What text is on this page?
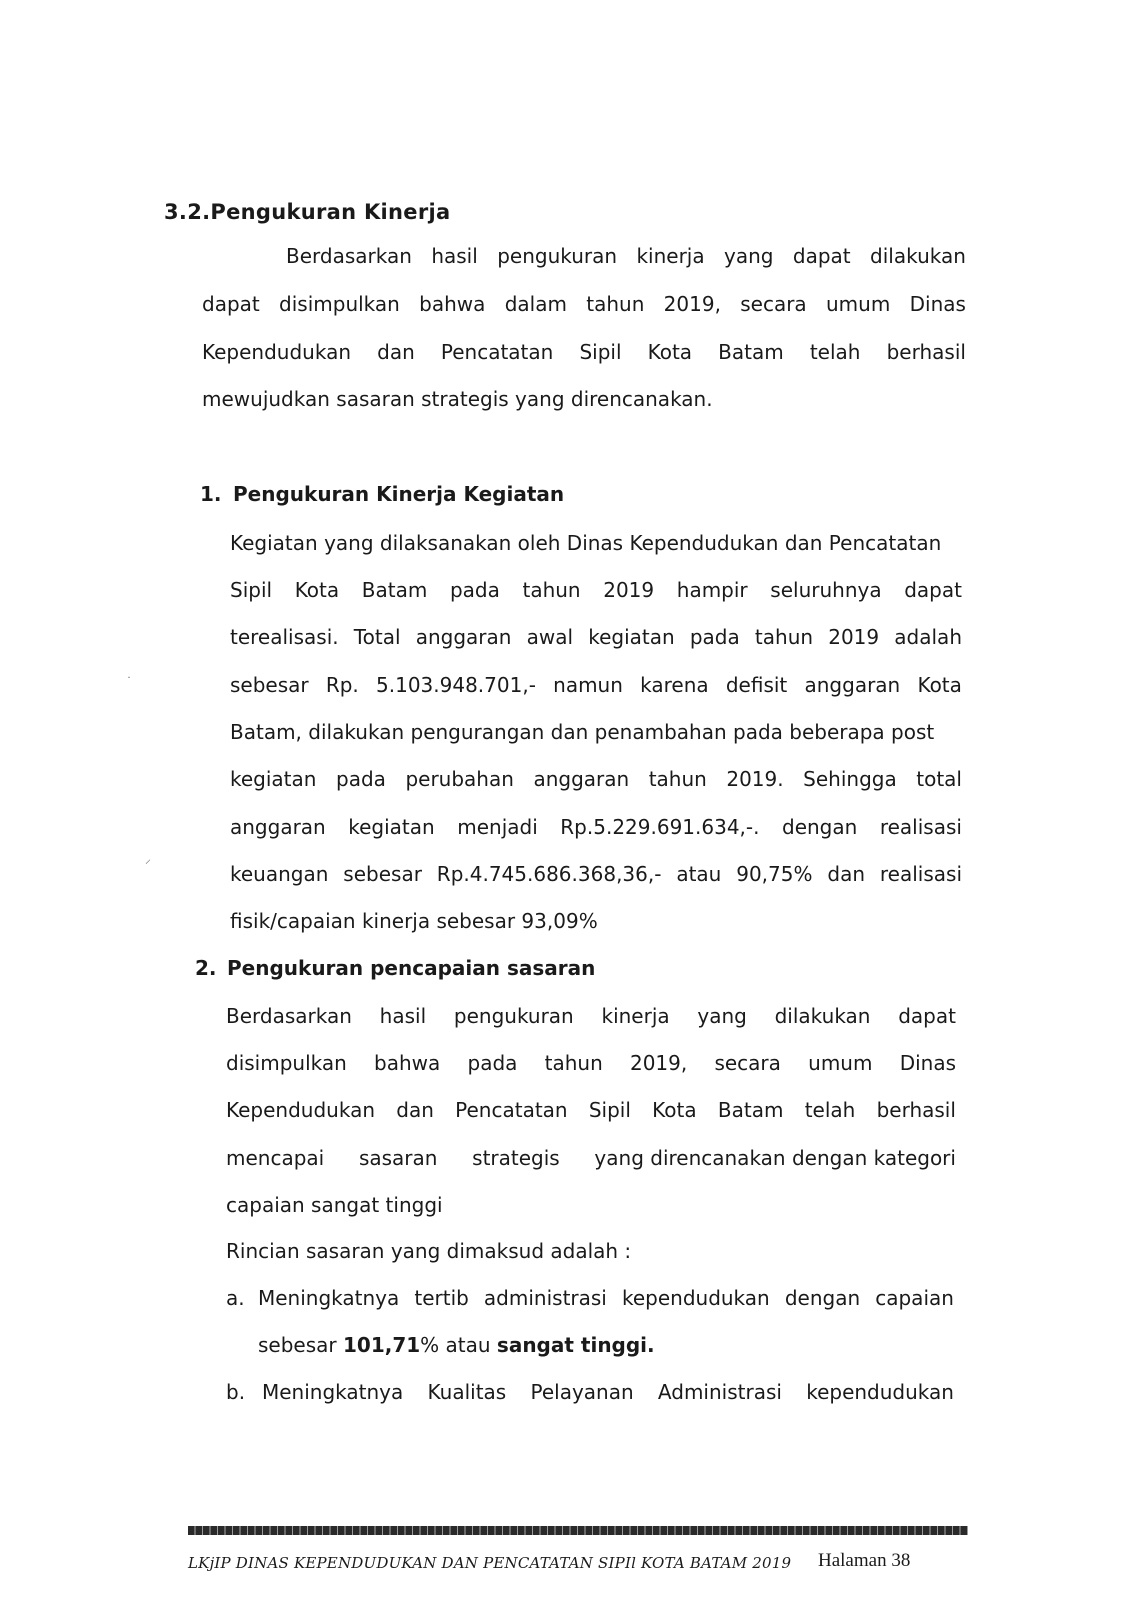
3.2.Pengukuran Kinerja
Berdasarkan hasil pengukuran kinerja yang dapat dilakukan
dapat disimpulkan bahwa dalam tahun 2019, secara umum Dinas
Kependudukan dan Pencatatan Sipil Kota Batam telah berhasil
mewujudkan sasaran strategis yang direncanakan.
1. Pengukuran Kinerja Kegiatan
Kegiatan yang dilaksanakan oleh Dinas Kependudukan dan Pencatatan
Sipil Kota Batam pada tahun 2019 hampir seluruhnya dapat
terealisasi. Total anggaran awal kegiatan pada tahun 2019 adalah
sebesar Rp. 5.103.948.701,- namun karena defisit anggaran Kota
Batam, dilakukan pengurangan dan penambahan pada beberapa post
kegiatan pada perubahan anggaran tahun 2019. Sehingga total
anggaran kegiatan menjadi Rp.5.229.691.634,-. dengan realisasi
keuangan sebesar Rp.4.745.686.368,36,- atau 90,75% dan realisasi
fisik/capaian kinerja sebesar 93,09%
2. Pengukuran pencapaian sasaran
Berdasarkan hasil pengukuran kinerja yang dilakukan dapat
disimpulkan bahwa pada tahun 2019, secara umum Dinas
Kependudukan dan Pencatatan Sipil Kota Batam telah berhasil
mencapai sasaran strategis yang direncanakan dengan kategori
capaian sangat tinggi
Rincian sasaran yang dimaksud adalah :
a. Meningkatnya tertib administrasi kependudukan dengan capaian
sebesar 101,71% atau sangat tinggi.
b. Meningkatnya Kualitas Pelayanan Administrasi kependudukan
˙
⸝
LKjIP DINAS KEPENDUDUKAN DAN PENCATATAN SIPIl KOTA BATAM 2019 Halaman 38
